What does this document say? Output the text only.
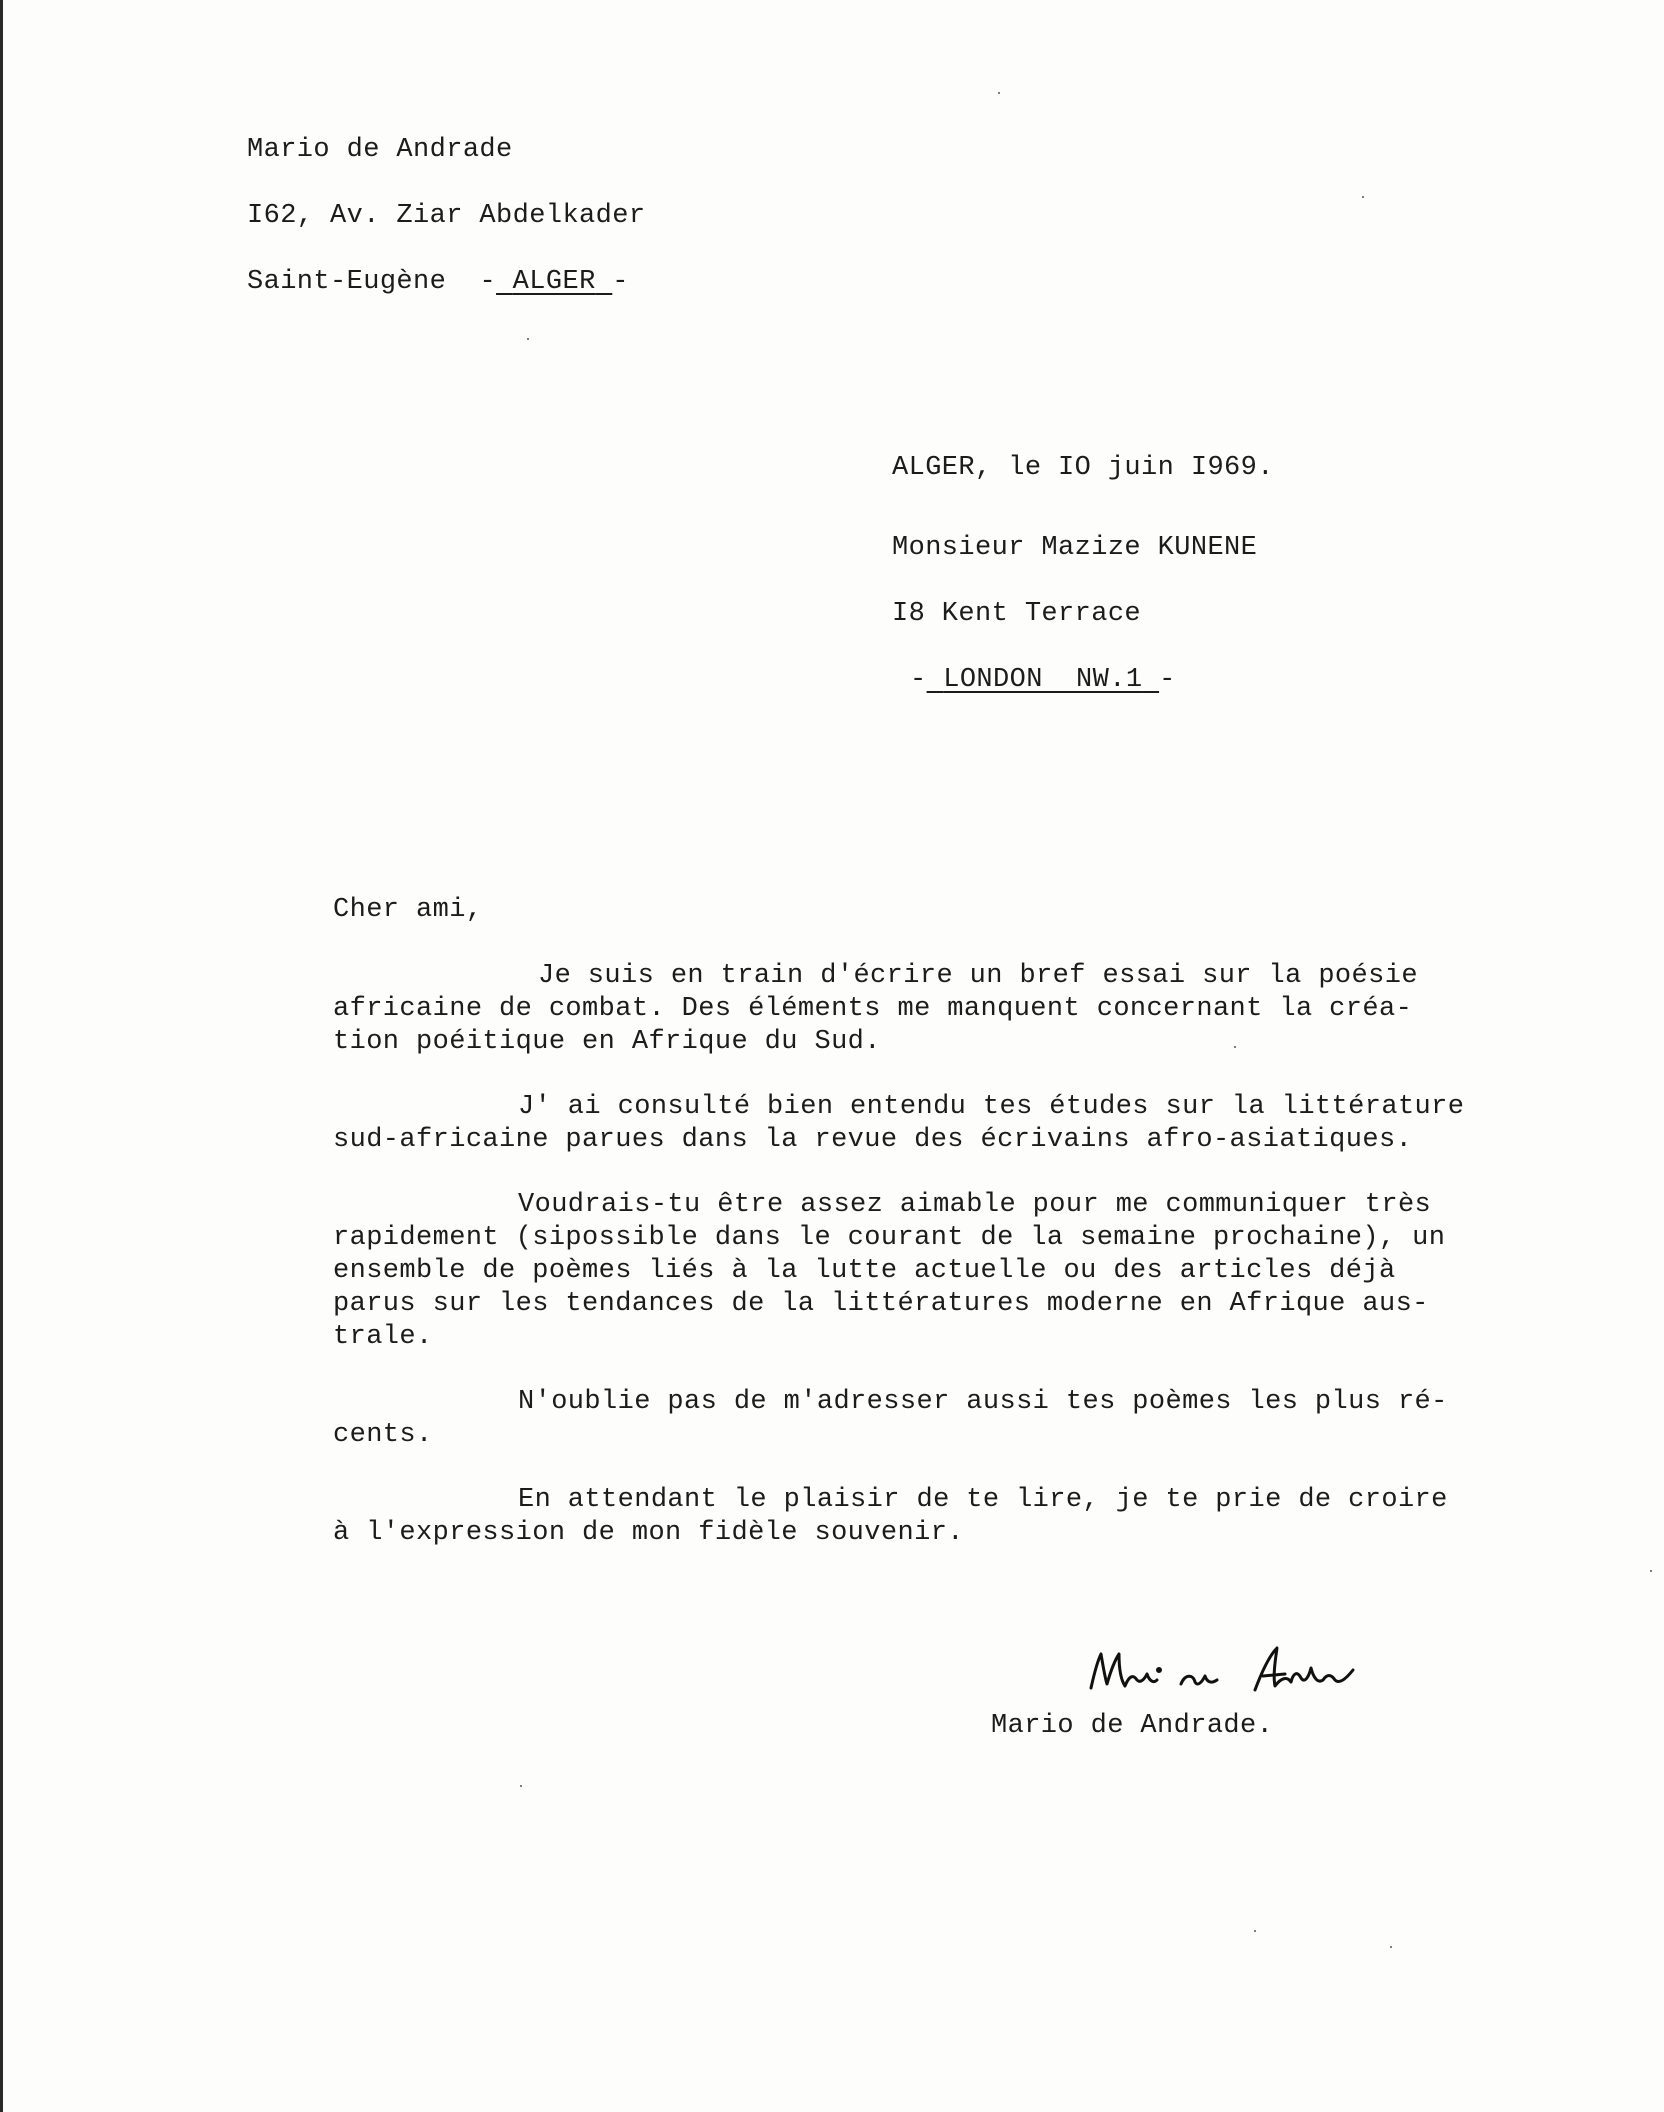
Mario de Andrade
I62, Av. Ziar Abdelkader
Saint-Eugène  - ALGER -
ALGER, le IO juin I969.
Monsieur Mazize KUNENE
I8 Kent Terrace
- LONDON  NW.1 -
Cher ami,
Je suis en train d'écrire un bref essai sur la poésie
africaine de combat. Des éléments me manquent concernant la créa-
tion poéitique en Afrique du Sud.
J' ai consulté bien entendu tes études sur la littérature
sud-africaine parues dans la revue des écrivains afro-asiatiques.
Voudrais-tu être assez aimable pour me communiquer très
rapidement (sipossible dans le courant de la semaine prochaine), un
ensemble de poèmes liés à la lutte actuelle ou des articles déjà
parus sur les tendances de la littératures moderne en Afrique aus-
trale.
N'oublie pas de m'adresser aussi tes poèmes les plus ré-
cents.
En attendant le plaisir de te lire, je te prie de croire
à l'expression de mon fidèle souvenir.
Mario de Andrade.
